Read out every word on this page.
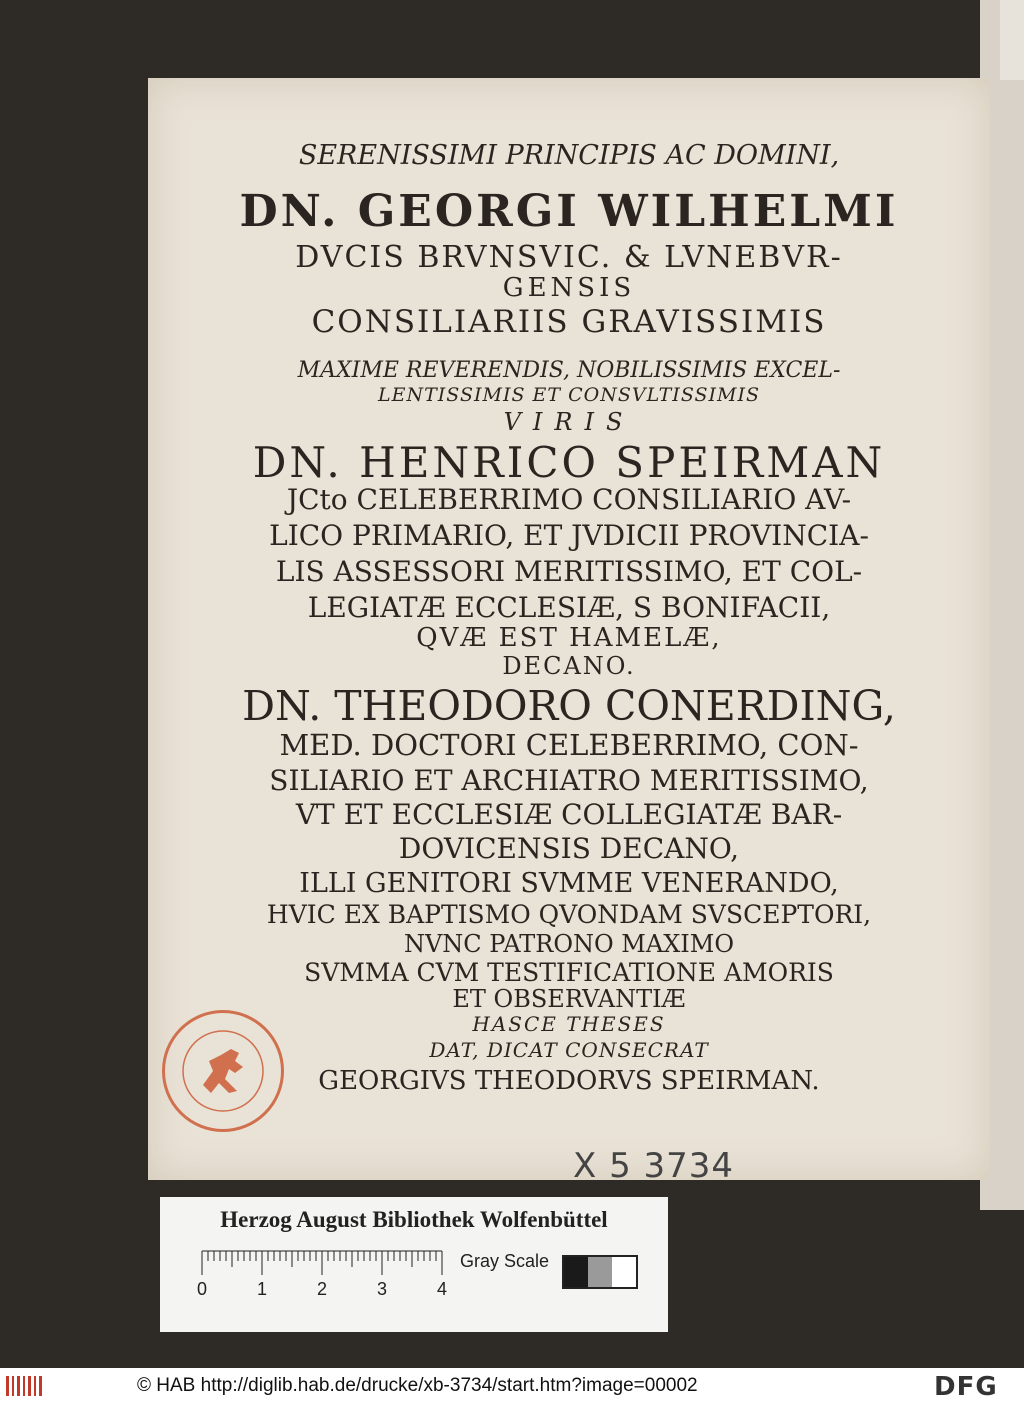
SERENISSIMI PRINCIPIS AC DOMINI,
DN. GEORGI WILHELMI
DVCIS BRVNSVIC. & LVNEBVR-
GENSIS
CONSILIARIIS GRAVISSIMIS
MAXIME REVERENDIS, NOBILISSIMIS EXCEL-
LENTISSIMIS ET CONSVLTISSIMIS
VIRIS
DN. HENRICO SPEIRMAN
JCto CELEBERRIMO CONSILIARIO AV-
LICO PRIMARIO, ET JVDICII PROVINCIA-
LIS ASSESSORI MERITISSIMO, ET COL-
LEGIATÆ ECCLESIÆ, S BONIFACII,
QVÆ EST HAMELÆ,
DECANO.
DN. THEODORO CONERDING,
MED. DOCTORI CELEBERRIMO, CON-
SILIARIO ET ARCHIATRO MERITISSIMO,
VT ET ECCLESIÆ COLLEGIATÆ BAR-
DOVICENSIS DECANO,
ILLI GENITORI SVMME VENERANDO,
HVIC EX BAPTISMO QVONDAM SVSCEPTORI,
NVNC PATRONO MAXIMO
SVMMA CVM TESTIFICATIONE AMORIS
ET OBSERVANTIÆ
HASCE THESES
DAT, DICAT CONSECRAT
GEORGIVS THEODORVS SPEIRMAN.
X 5 3734
Herzog August Bibliothek Wolfenbüttel
0	1	2	3	4
Gray Scale
© HAB http://diglib.hab.de/drucke/xb-3734/start.htm?image=00002	DFG
